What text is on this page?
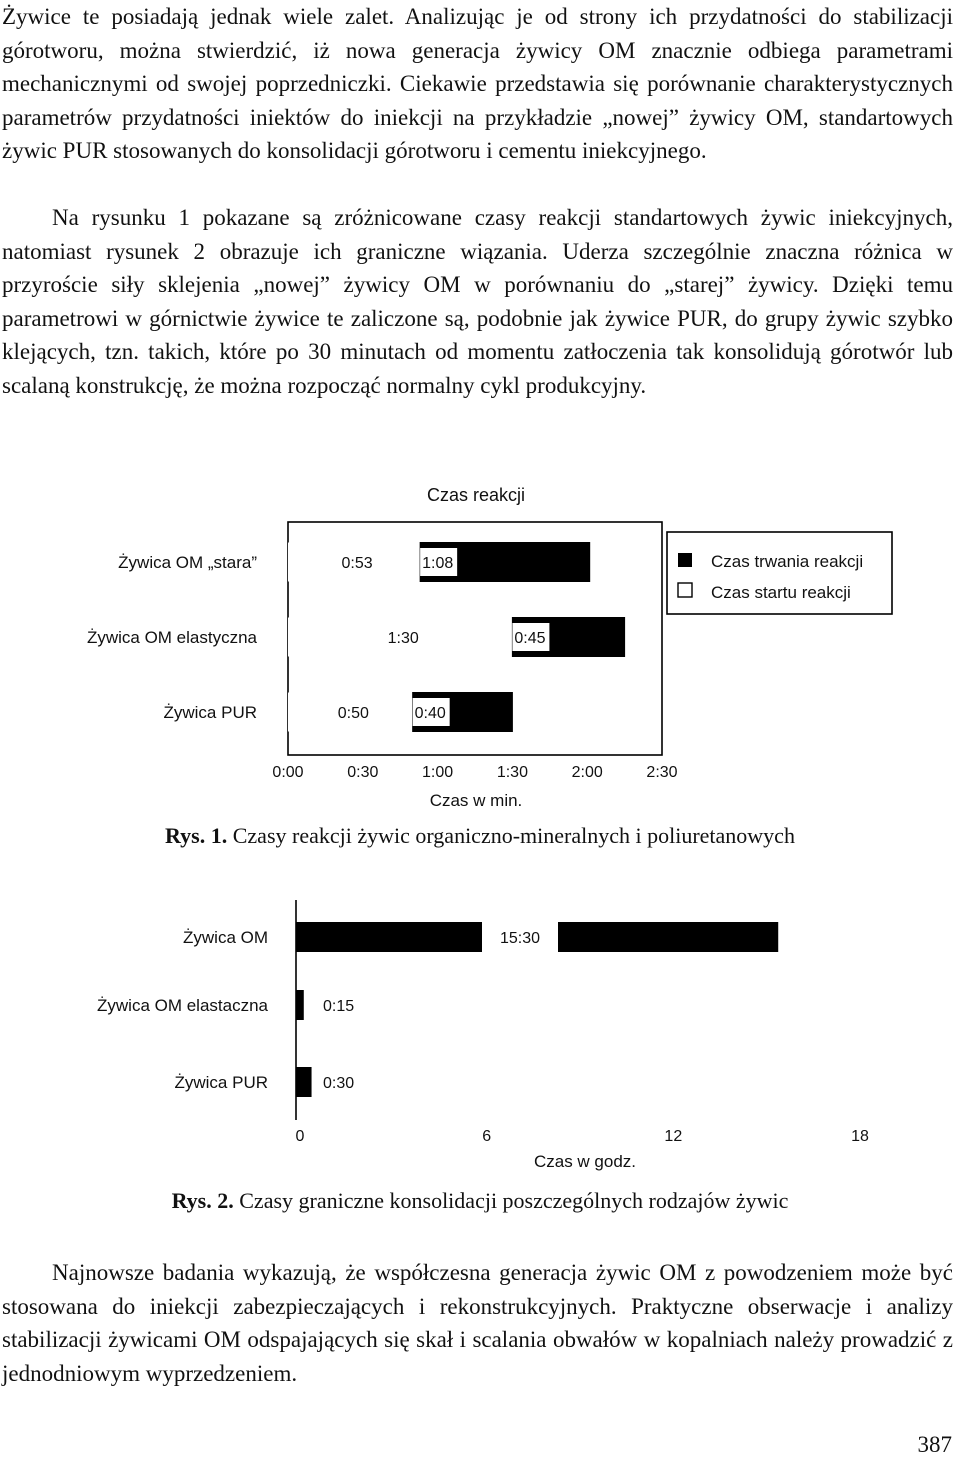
Żywice te posiadają jednak wiele zalet. Analizując je od strony ich przydatności do stabilizacji górotworu, można stwierdzić, iż nowa generacja żywicy OM znacznie odbiega parametrami mechanicznymi od swojej poprzedniczki. Ciekawie przedstawia się porównanie charakterystycznych parametrów przydatności iniektów do iniekcji na przykładzie „nowej” żywicy OM, standartowych żywic PUR stosowanych do konsolidacji górotworu i cementu iniekcyjnego.

Na rysunku 1 pokazane są zróżnicowane czasy reakcji standartowych żywic iniekcyjnych, natomiast rysunek 2 obrazuje ich graniczne wiązania. Uderza szczególnie znaczna różnica w przyroście siły sklejenia „nowej” żywicy OM w porównaniu do „starej” żywicy. Dzięki temu parametrowi w górnictwie żywice te zaliczone są, podobnie jak żywice PUR, do grupy żywic szybko klejących, tzn. takich, które po 30 minutach od momentu zatłoczenia tak konsolidują górotwór lub scalaną konstrukcję, że można rozpocząć normalny cykl produkcyjny.

Czas reakcji
Żywica OM „stara”
Żywica OM elastyczna
Żywica PUR
0:53	1:08
1:30	0:45
0:50	0:40
0:00	0:30	1:00	1:30	2:00	2:30
Czas w min.
Czas trwania reakcji
Czas startu reakcji

Rys. 1. Czasy reakcji żywic organiczno-mineralnych i poliuretanowych

Żywica OM
Żywica OM elastaczna
Żywica PUR
15:30
0:15
0:30
0	6	12	18
Czas w godz.

Rys. 2. Czasy graniczne konsolidacji poszczególnych rodzajów żywic

Najnowsze badania wykazują, że współczesna generacja żywic OM z powodzeniem może być stosowana do iniekcji zabezpieczających i rekonstrukcyjnych. Praktyczne obserwacje i analizy stabilizacji żywicami OM odspajających się skał i scalania obwałów w kopalniach należy prowadzić z jednodniowym wyprzedzeniem.

387
